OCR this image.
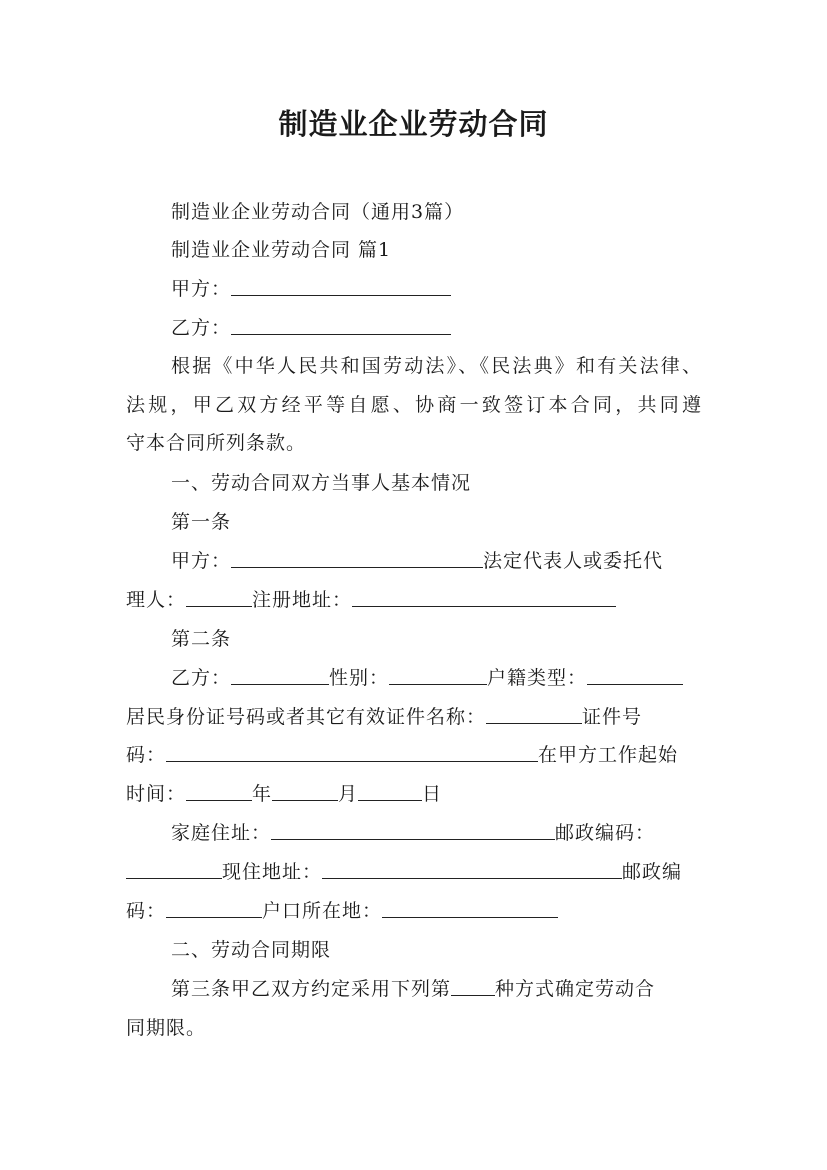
制造业企业劳动合同
制造业企业劳动合同（通用3篇）
制造业企业劳动合同 篇1
甲方：
乙方：
根据《中华人民共和国劳动法》、《民法典》和有关法律、
法规，甲乙双方经平等自愿、协商一致签订本合同，共同遵
守本合同所列条款。
一、劳动合同双方当事人基本情况
第一条
甲方：	法定代表人或委托代
理人：	注册地址：
第二条
乙方：	性别：	户籍类型：
居民身份证号码或者其它有效证件名称：	证件号
码：	在甲方工作起始
时间：	年	月	日
家庭住址：	邮政编码：
现住地址：	邮政编
码：	户口所在地：
二、劳动合同期限
第三条甲乙双方约定采用下列第 种方式确定劳动合
同期限。
